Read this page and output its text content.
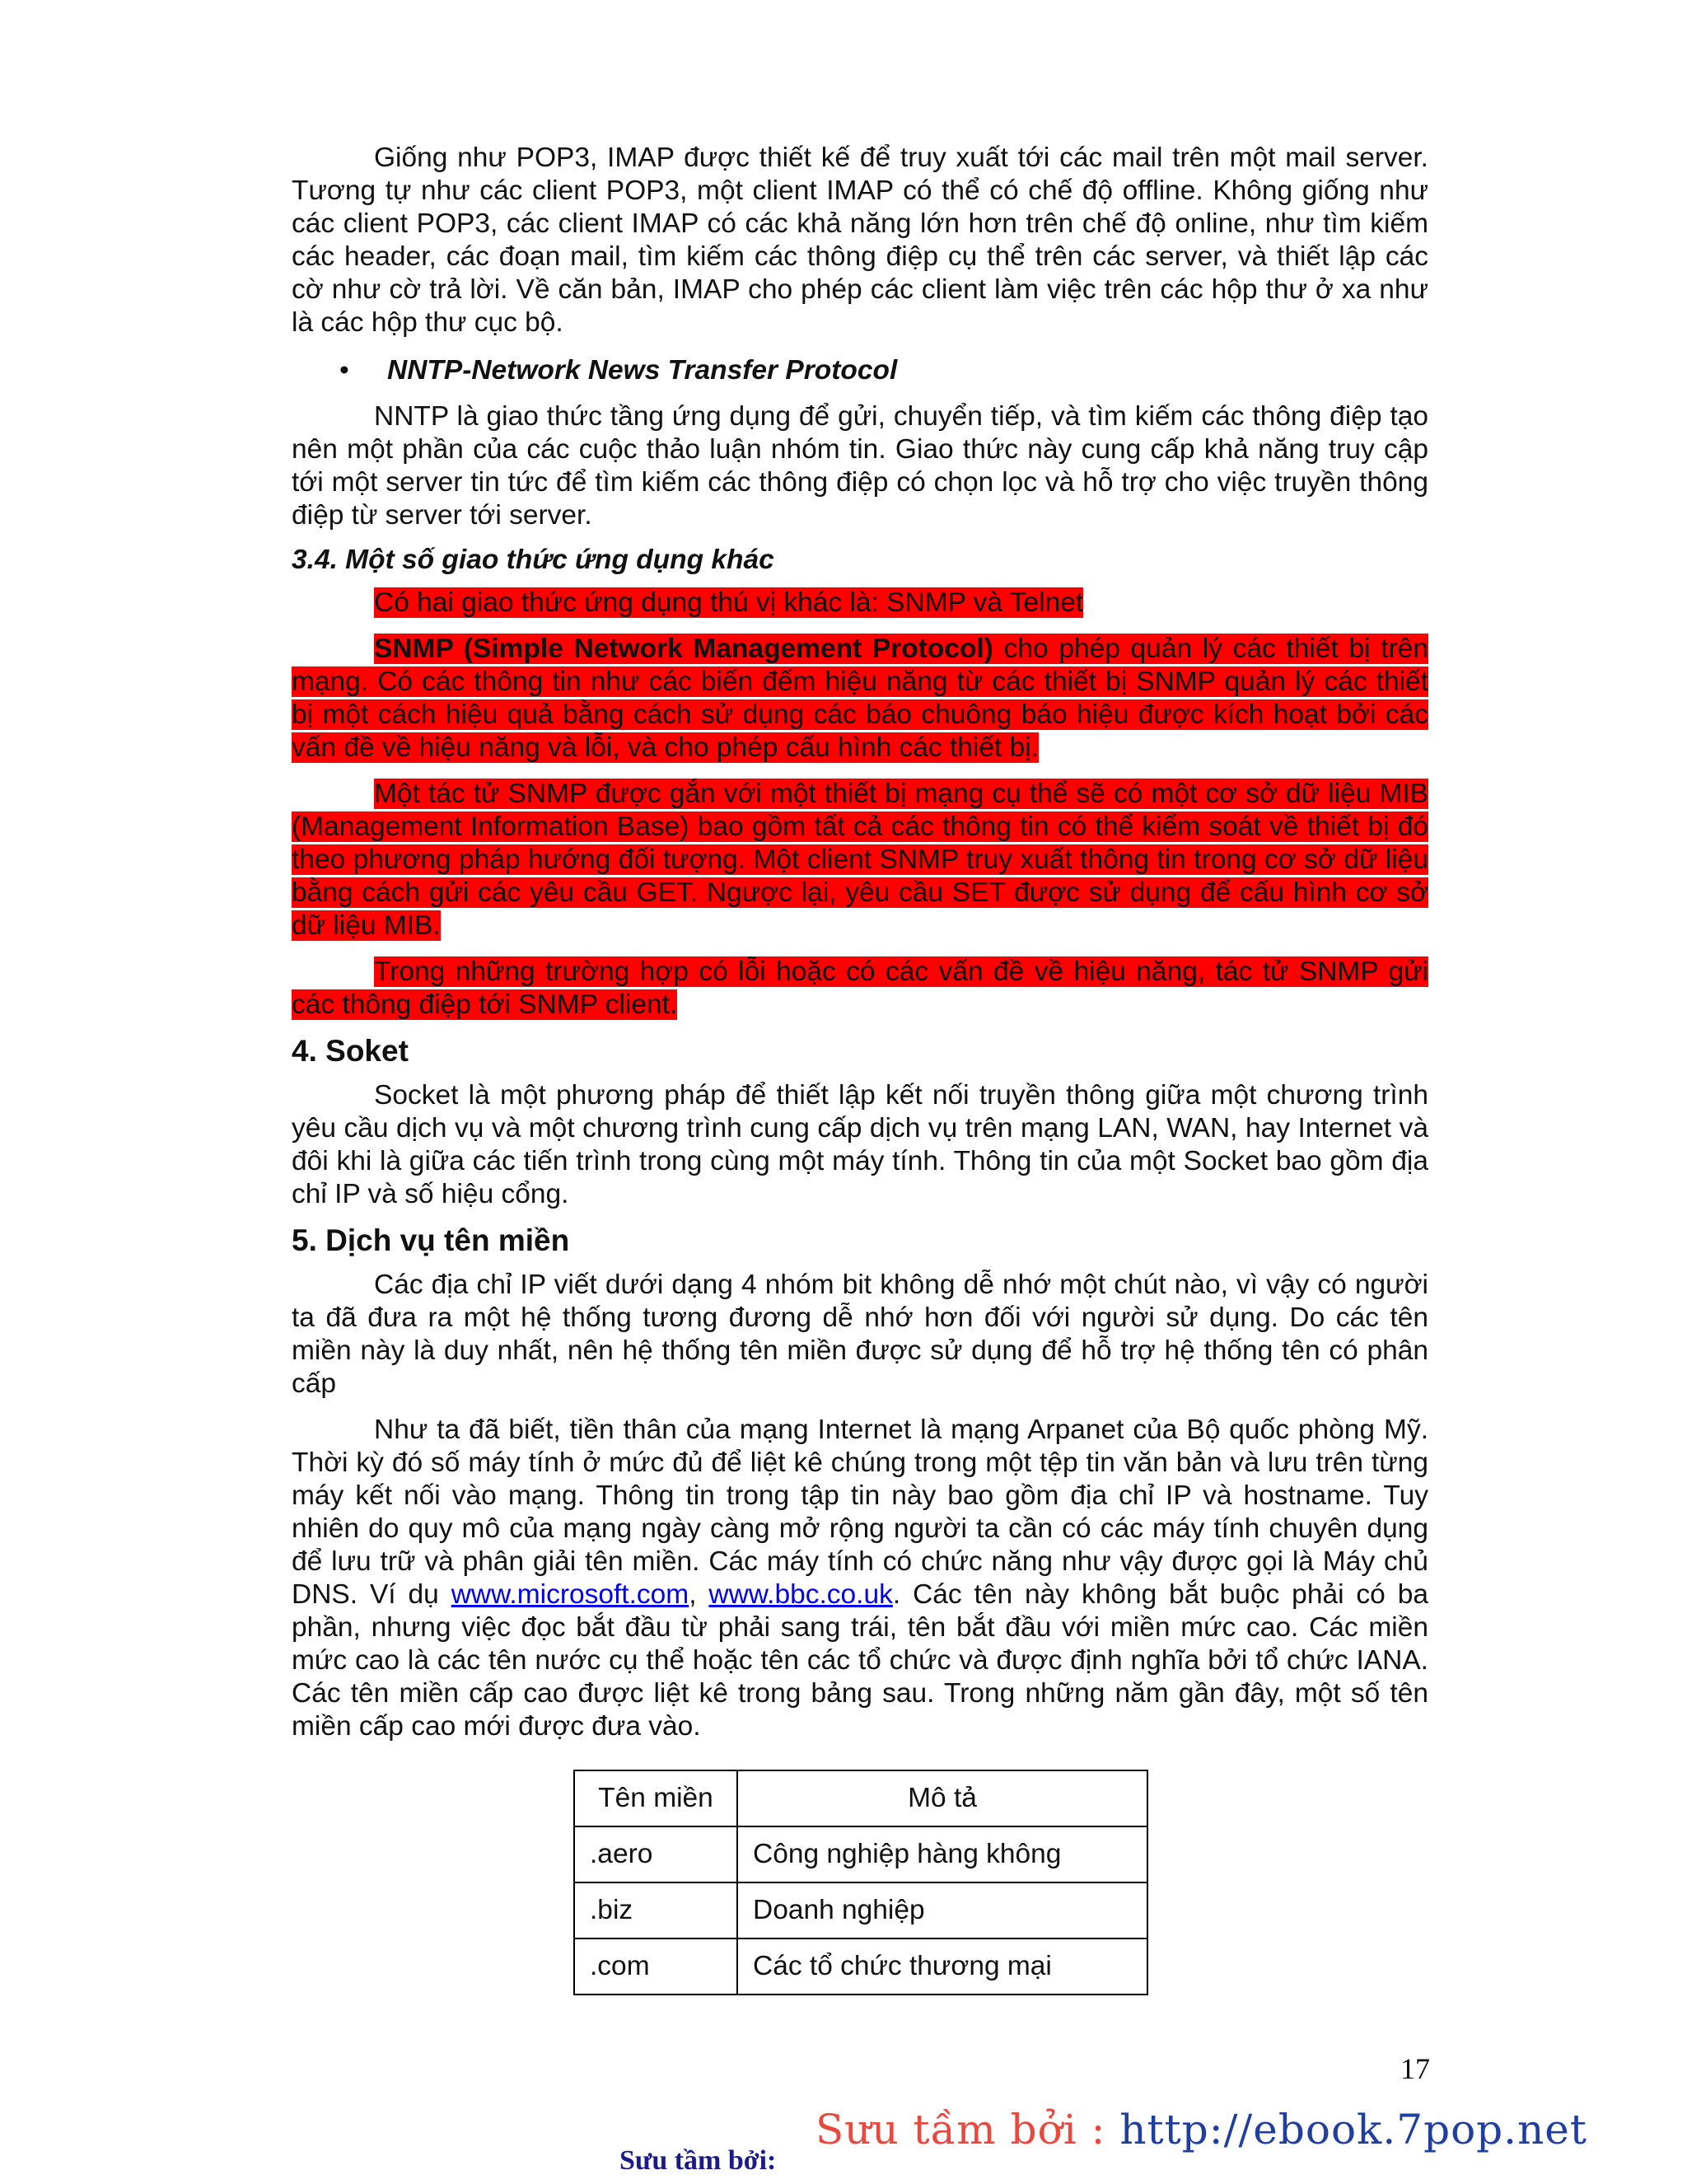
Giống như POP3, IMAP được thiết kế để truy xuất tới các mail trên một mail server. Tương tự như các client POP3, một client IMAP có thể có chế độ offline. Không giống như các client POP3, các client IMAP có các khả năng lớn hơn trên chế độ online, như tìm kiếm các header, các đoạn mail, tìm kiếm các thông điệp cụ thể trên các server, và thiết lập các cờ như cờ trả lời. Về căn bản, IMAP cho phép các client làm việc trên các hộp thư ở xa như là các hộp thư cục bộ.

• NNTP-Network News Transfer Protocol

NNTP là giao thức tầng ứng dụng để gửi, chuyển tiếp, và tìm kiếm các thông điệp tạo nên một phần của các cuộc thảo luận nhóm tin. Giao thức này cung cấp khả năng truy cập tới một server tin tức để tìm kiếm các thông điệp có chọn lọc và hỗ trợ cho việc truyền thông điệp từ server tới server.

3.4. Một số giao thức ứng dụng khác

Có hai giao thức ứng dụng thú vị khác là: SNMP và Telnet

SNMP (Simple Network Management Protocol) cho phép quản lý các thiết bị trên mạng. Có các thông tin như các biến đếm hiệu năng từ các thiết bị SNMP quản lý các thiết bị một cách hiệu quả bằng cách sử dụng các báo chuông báo hiệu được kích hoạt bởi các vấn đề về hiệu năng và lỗi, và cho phép cấu hình các thiết bị.

Một tác tử SNMP được gắn với một thiết bị mạng cụ thể sẽ có một cơ sở dữ liệu MIB (Management Information Base) bao gồm tất cả các thông tin có thể kiểm soát về thiết bị đó theo phương pháp hướng đối tượng. Một client SNMP truy xuất thông tin trong cơ sở dữ liệu bằng cách gửi các yêu cầu GET. Ngược lại, yêu cầu SET được sử dụng để cấu hình cơ sở dữ liệu MIB.

Trong những trường hợp có lỗi hoặc có các vấn đề về hiệu năng, tác tử SNMP gửi các thông điệp tới SNMP client.

4. Soket

Socket là một phương pháp để thiết lập kết nối truyền thông giữa một chương trình yêu cầu dịch vụ và một chương trình cung cấp dịch vụ trên mạng LAN, WAN, hay Internet và đôi khi là giữa các tiến trình trong cùng một máy tính. Thông tin của một Socket bao gồm địa chỉ IP và số hiệu cổng.

5. Dịch vụ tên miền

Các địa chỉ IP viết dưới dạng 4 nhóm bit không dễ nhớ một chút nào, vì vậy có người ta đã đưa ra một hệ thống tương đương dễ nhớ hơn đối với người sử dụng. Do các tên miền này là duy nhất, nên hệ thống tên miền được sử dụng để hỗ trợ hệ thống tên có phân cấp

Như ta đã biết, tiền thân của mạng Internet là mạng Arpanet của Bộ quốc phòng Mỹ. Thời kỳ đó số máy tính ở mức đủ để liệt kê chúng trong một tệp tin văn bản và lưu trên từng máy kết nối vào mạng. Thông tin trong tập tin này bao gồm địa chỉ IP và hostname. Tuy nhiên do quy mô của mạng ngày càng mở rộng người ta cần có các máy tính chuyên dụng để lưu trữ và phân giải tên miền. Các máy tính có chức năng như vậy được gọi là Máy chủ DNS. Ví dụ www.microsoft.com, www.bbc.co.uk. Các tên này không bắt buộc phải có ba phần, nhưng việc đọc bắt đầu từ phải sang trái, tên bắt đầu với miền mức cao. Các miền mức cao là các tên nước cụ thể hoặc tên các tổ chức và được định nghĩa bởi tổ chức IANA. Các tên miền cấp cao được liệt kê trong bảng sau. Trong những năm gần đây, một số tên miền cấp cao mới được đưa vào.

Tên miền	Mô tả
.aero	Công nghiệp hàng không
.biz	Doanh nghiệp
.com	Các tổ chức thương mại
17
Sưu tầm bởi : http://ebook.7pop.net
Sưu tầm bởi:
